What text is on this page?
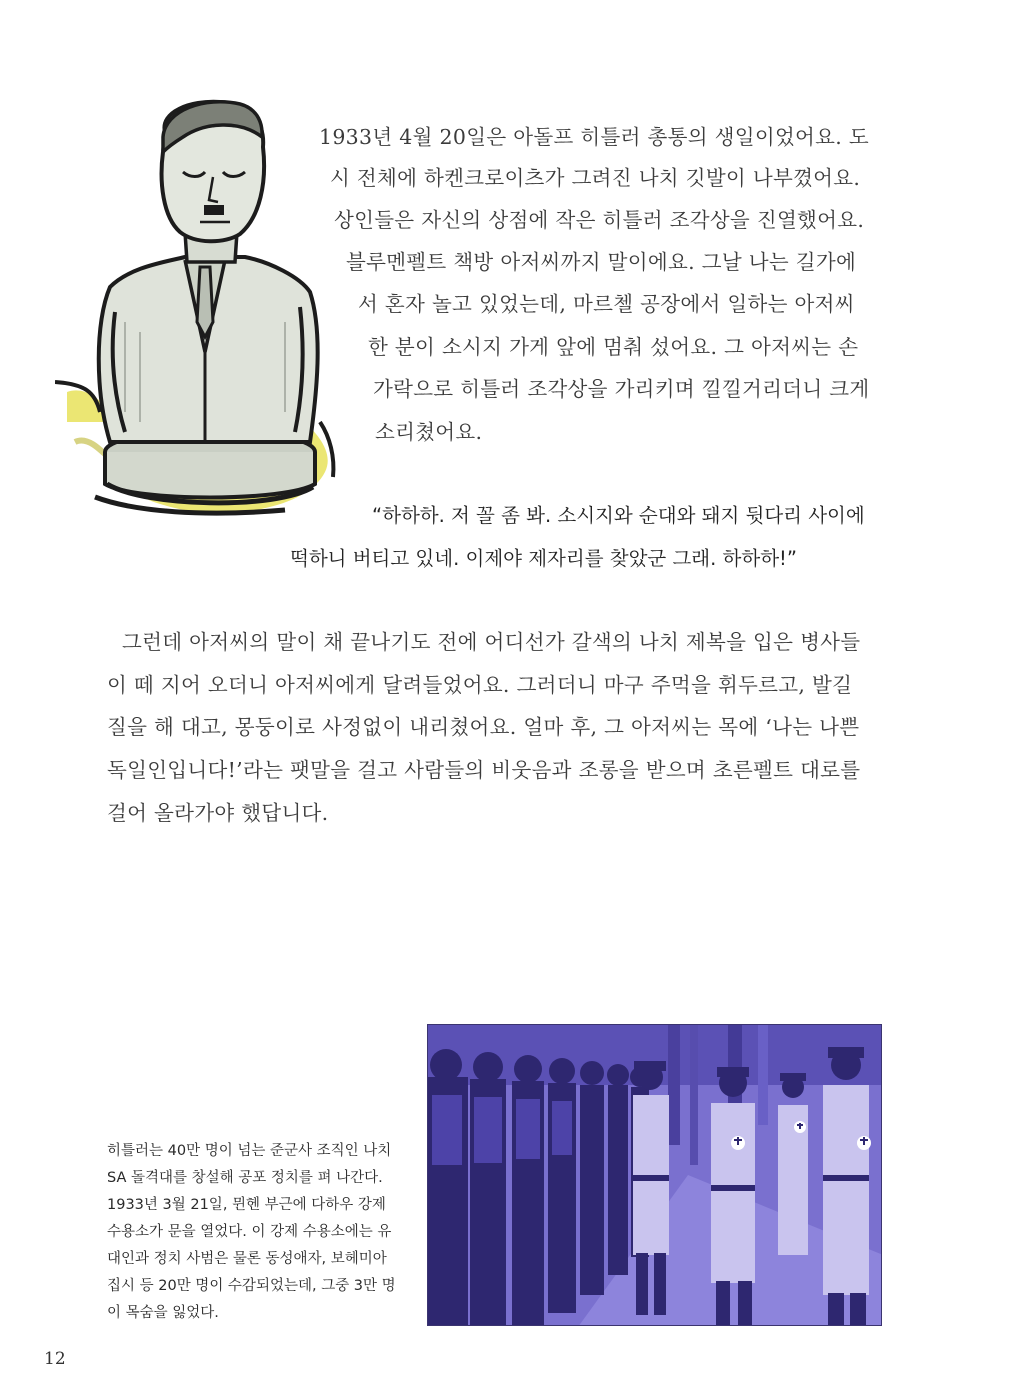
1933년 4월 20일은 아돌프 히틀러 총통의 생일이었어요. 도
시 전체에 하켄크로이츠가 그려진 나치 깃발이 나부꼈어요.
상인들은 자신의 상점에 작은 히틀러 조각상을 진열했어요.
블루멘펠트 책방 아저씨까지 말이에요. 그날 나는 길가에
서 혼자 놀고 있었는데, 마르첼 공장에서 일하는 아저씨
한 분이 소시지 가게 앞에 멈춰 섰어요. 그 아저씨는 손
가락으로 히틀러 조각상을 가리키며 낄낄거리더니 크게
소리쳤어요.
“하하하. 저 꼴 좀 봐. 소시지와 순대와 돼지 뒷다리 사이에
떡하니 버티고 있네. 이제야 제자리를 찾았군 그래. 하하하!”
그런데 아저씨의 말이 채 끝나기도 전에 어디선가 갈색의 나치 제복을 입은 병사들
이 떼 지어 오더니 아저씨에게 달려들었어요. 그러더니 마구 주먹을 휘두르고, 발길
질을 해 대고, 몽둥이로 사정없이 내리쳤어요. 얼마 후, 그 아저씨는 목에 ‘나는 나쁜
독일인입니다!’라는 팻말을 걸고 사람들의 비웃음과 조롱을 받으며 초른펠트 대로를
걸어 올라가야 했답니다.
히틀러는 40만 명이 넘는 준군사 조직인 나치
SA 돌격대를 창설해 공포 정치를 펴 나간다.
1933년 3월 21일, 뮌헨 부근에 다하우 강제
수용소가 문을 열었다. 이 강제 수용소에는 유
대인과 정치 사범은 물론 동성애자, 보헤미아
집시 등 20만 명이 수감되었는데, 그중 3만 명
이 목숨을 잃었다.
12
